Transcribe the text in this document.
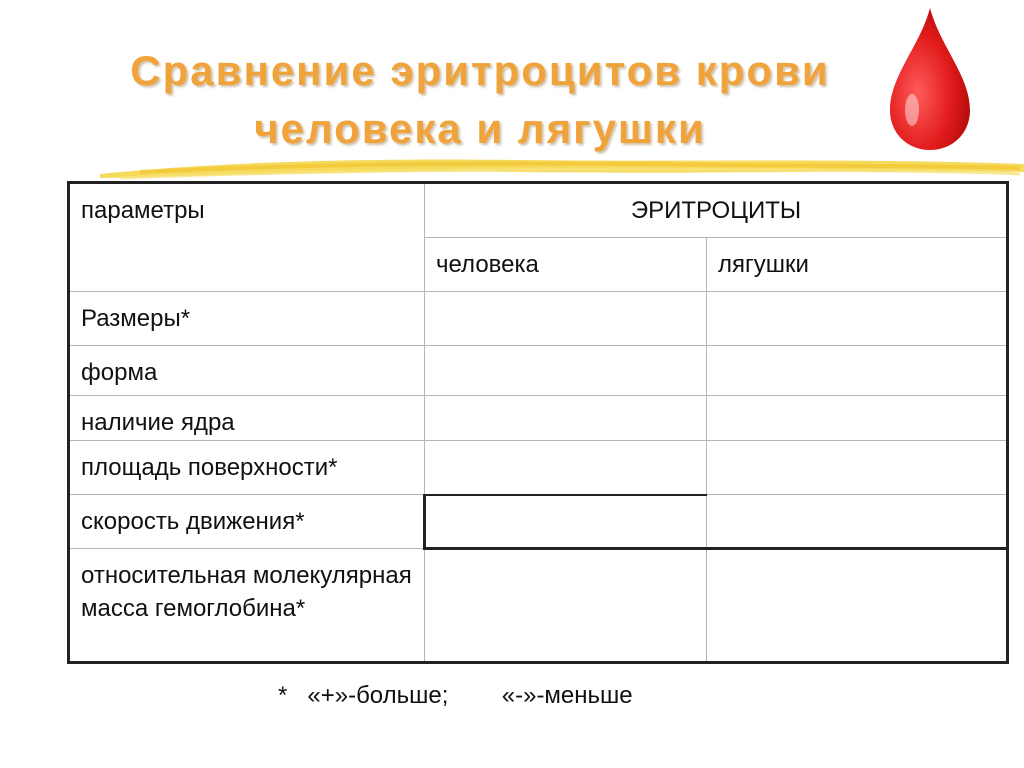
Сравнение эритроцитов крови
человека и лягушки
параметры	ЭРИТРОЦИТЫ	
	человека	лягушки
Размеры*		
форма		
наличие ядра		
площадь поверхности*		
скорость движения*		
относительная молекулярная масса гемоглобина*		
* «+»-больше; «-»-меньше
